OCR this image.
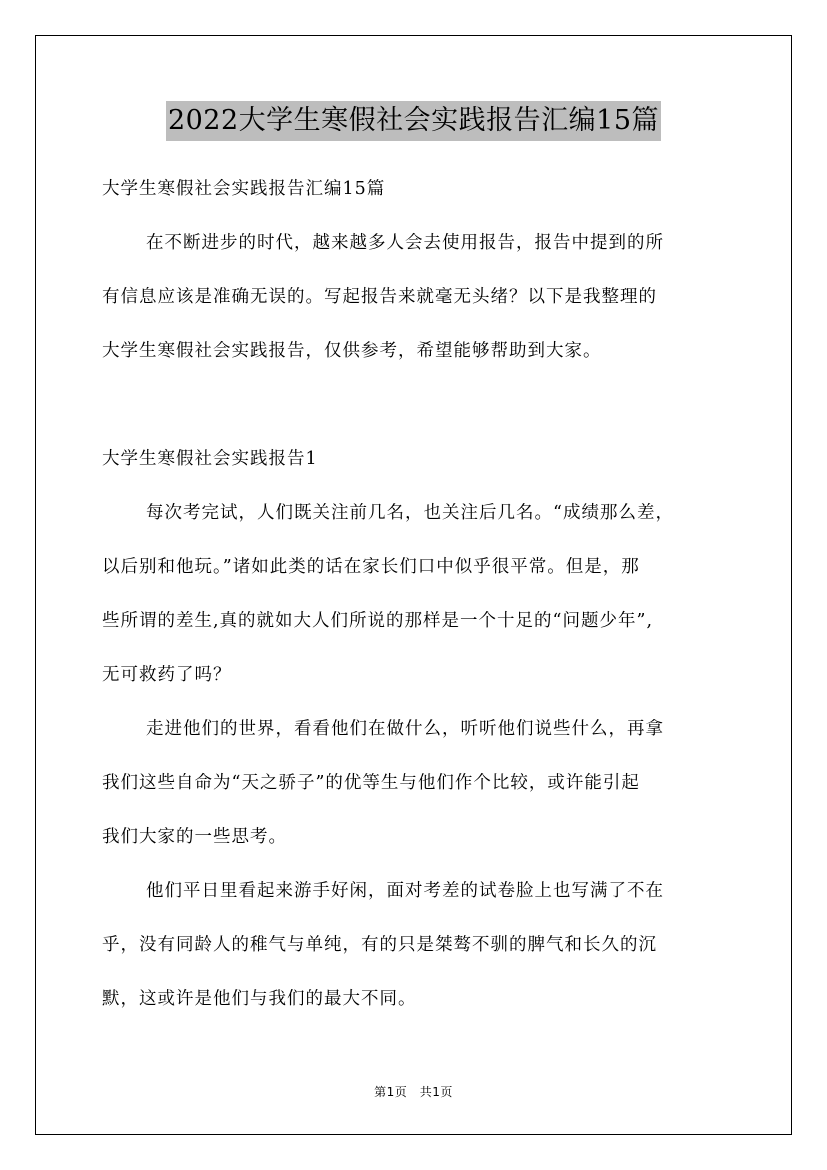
2022大学生寒假社会实践报告汇编15篇
大学生寒假社会实践报告汇编15篇
在不断进步的时代，越来越多人会去使用报告，报告中提到的所
有信息应该是准确无误的。写起报告来就毫无头绪？以下是我整理的
大学生寒假社会实践报告，仅供参考，希望能够帮助到大家。
大学生寒假社会实践报告1
每次考完试，人们既关注前几名，也关注后几名。“成绩那么差，
以后别和他玩。”诸如此类的话在家长们口中似乎很平常。但是，那
些所谓的差生,真的就如大人们所说的那样是一个十足的“问题少年”,
无可救药了吗？
走进他们的世界，看看他们在做什么，听听他们说些什么，再拿
我们这些自命为“天之骄子”的优等生与他们作个比较，或许能引起
我们大家的一些思考。
他们平日里看起来游手好闲，面对考差的试卷脸上也写满了不在
乎，没有同龄人的稚气与单纯，有的只是桀骜不驯的脾气和长久的沉
默，这或许是他们与我们的最大不同。
第1页　共1页
